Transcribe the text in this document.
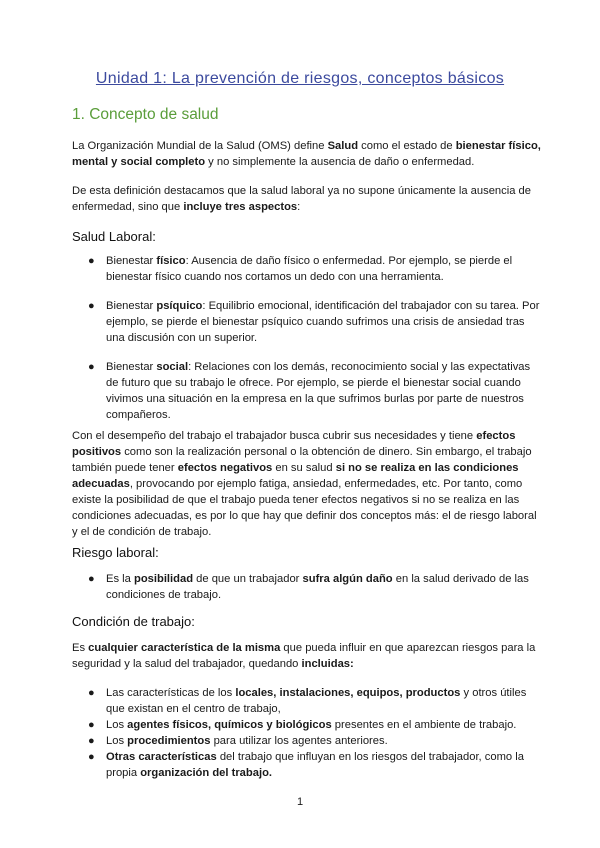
Unidad 1: La prevención de riesgos, conceptos básicos
1. Concepto de salud

La Organización Mundial de la Salud (OMS) define Salud como el estado de bienestar físico, mental y social completo y no simplemente la ausencia de daño o enfermedad.

De esta definición destacamos que la salud laboral ya no supone únicamente la ausencia de enfermedad, sino que incluye tres aspectos:

Salud Laboral:
● Bienestar físico: Ausencia de daño físico o enfermedad. Por ejemplo, se pierde el bienestar físico cuando nos cortamos un dedo con una herramienta.
● Bienestar psíquico: Equilibrio emocional, identificación del trabajador con su tarea. Por ejemplo, se pierde el bienestar psíquico cuando sufrimos una crisis de ansiedad tras una discusión con un superior.
● Bienestar social: Relaciones con los demás, reconocimiento social y las expectativas de futuro que su trabajo le ofrece. Por ejemplo, se pierde el bienestar social cuando vivimos una situación en la empresa en la que sufrimos burlas por parte de nuestros compañeros.

Con el desempeño del trabajo el trabajador busca cubrir sus necesidades y tiene efectos positivos como son la realización personal o la obtención de dinero. Sin embargo, el trabajo también puede tener efectos negativos en su salud si no se realiza en las condiciones adecuadas, provocando por ejemplo fatiga, ansiedad, enfermedades, etc. Por tanto, como existe la posibilidad de que el trabajo pueda tener efectos negativos si no se realiza en las condiciones adecuadas, es por lo que hay que definir dos conceptos más: el de riesgo laboral y el de condición de trabajo.

Riesgo laboral:
● Es la posibilidad de que un trabajador sufra algún daño en la salud derivado de las condiciones de trabajo.
Condición de trabajo:

Es cualquier característica de la misma que pueda influir en que aparezcan riesgos para la seguridad y la salud del trabajador, quedando incluidas:

● Las características de los locales, instalaciones, equipos, productos y otros útiles que existan en el centro de trabajo,
● Los agentes físicos, químicos y biológicos presentes en el ambiente de trabajo.
● Los procedimientos para utilizar los agentes anteriores.
● Otras características del trabajo que influyan en los riesgos del trabajador, como la propia organización del trabajo.
1
